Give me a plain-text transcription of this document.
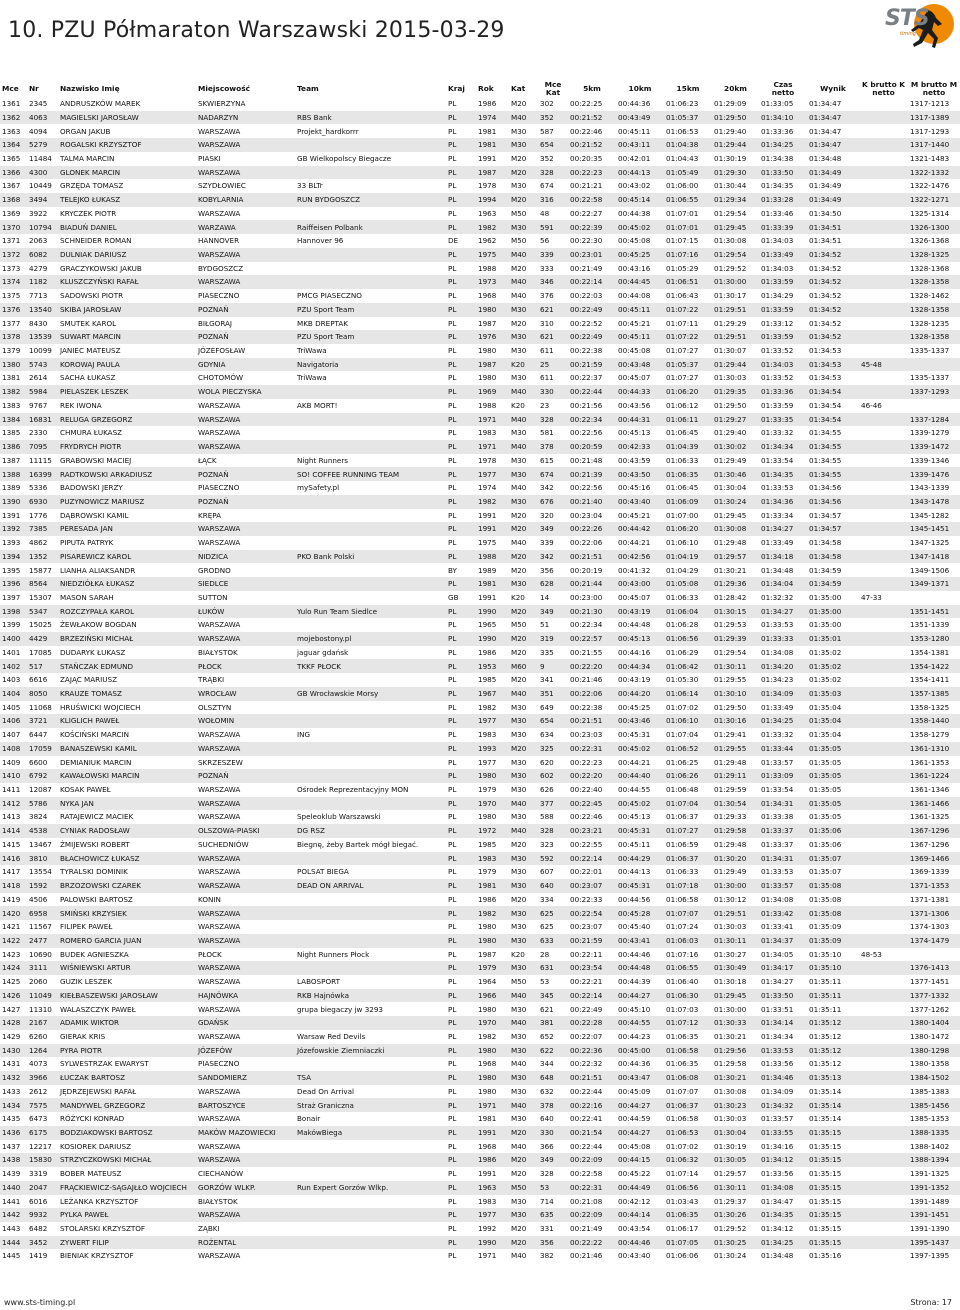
10. PZU Półmaraton Warszawski 2015-03-29	STS
timing
Mce	Nr	Nazwisko Imię	Miejscowość	Team	Kraj	Rok	Kat	Mce Kat	5km	10km	15km	20km	Czas netto	Wynik	K brutto K netto	M brutto M netto
1361	2345	ANDRUSZKÓW MAREK	SKWIERZYNA		PL	1986	M20	302	00:22:25	00:44:36	01:06:23	01:29:09	01:33:05	01:34:47		1317-1213
1362	4063	MAGIELSKI JAROSŁAW	NADARZYN	RBS Bank	PL	1974	M40	352	00:21:52	00:43:49	01:05:37	01:29:50	01:34:10	01:34:47		1317-1389
1363	4094	ORGAN JAKUB	WARSZAWA	Projekt_hardkorrr	PL	1981	M30	587	00:22:46	00:45:11	01:06:53	01:29:40	01:33:36	01:34:47		1317-1293
1364	5279	ROGALSKI KRZYSZTOF	WARSZAWA		PL	1981	M30	654	00:21:52	00:43:11	01:04:38	01:29:44	01:34:25	01:34:47		1317-1440
1365	11484	TALMA MARCIN	PIASKI	GB Wielkopolscy Biegacze	PL	1991	M20	352	00:20:35	00:42:01	01:04:43	01:30:19	01:34:38	01:34:48		1321-1483
1366	4300	GLONEK MARCIN	WARSZAWA		PL	1987	M20	328	00:22:23	00:44:13	01:05:49	01:29:30	01:33:50	01:34:49		1322-1332
1367	10449	GRZĘDA TOMASZ	SZYDŁOWIEC	33 BLTr	PL	1978	M30	674	00:21:21	00:43:02	01:06:00	01:30:44	01:34:35	01:34:49		1322-1476
1368	3494	TELEJKO ŁUKASZ	KOBYLARNIA	RUN BYDGOSZCZ	PL	1994	M20	316	00:22:58	00:45:14	01:06:55	01:29:34	01:33:28	01:34:49		1322-1271
1369	3922	KRYCZEK PIOTR	WARSZAWA		PL	1963	M50	48	00:22:27	00:44:38	01:07:01	01:29:54	01:33:46	01:34:50		1325-1314
1370	10794	BIADUŃ DANIEL	WARZAWA	Raiffeisen Polbank	PL	1982	M30	591	00:22:39	00:45:02	01:07:01	01:29:45	01:33:39	01:34:51		1326-1300
1371	2063	SCHNEIDER ROMAN	HANNOVER	Hannover 96	DE	1962	M50	56	00:22:30	00:45:08	01:07:15	01:30:08	01:34:03	01:34:51		1326-1368
1372	6082	DULNIAK DARIUSZ	WARSZAWA		PL	1975	M40	339	00:23:01	00:45:25	01:07:16	01:29:54	01:33:49	01:34:52		1328-1325
1373	4279	GRACZYKOWSKI JAKUB	BYDGOSZCZ		PL	1988	M20	333	00:21:49	00:43:16	01:05:29	01:29:52	01:34:03	01:34:52		1328-1368
1374	1182	KLUSZCZYŃSKI RAFAŁ	WARSZAWA		PL	1973	M40	346	00:22:14	00:44:45	01:06:51	01:30:00	01:33:59	01:34:52		1328-1358
1375	7713	SADOWSKI PIOTR	PIASECZNO	PMCG PIASECZNO	PL	1968	M40	376	00:22:03	00:44:08	01:06:43	01:30:17	01:34:29	01:34:52		1328-1462
1376	13540	SKIBA JAROSŁAW	POZNAŃ	PZU Sport Team	PL	1980	M30	621	00:22:49	00:45:11	01:07:22	01:29:51	01:33:59	01:34:52		1328-1358
1377	8430	SMUTEK KAROL	BIŁGORAJ	MKB DREPTAK	PL	1987	M20	310	00:22:52	00:45:21	01:07:11	01:29:29	01:33:12	01:34:52		1328-1235
1378	13539	SUWART MARCIN	POZNAŃ	PZU Sport Team	PL	1976	M30	621	00:22:49	00:45:11	01:07:22	01:29:51	01:33:59	01:34:52		1328-1358
1379	10099	JANIEC MATEUSZ	JÓZEFOSŁAW	TriWawa	PL	1980	M30	611	00:22:38	00:45:08	01:07:27	01:30:07	01:33:52	01:34:53		1335-1337
1380	5743	KOROWAJ PAULA	GDYNIA	Navigatoria	PL	1987	K20	25	00:21:59	00:43:48	01:05:37	01:29:44	01:34:03	01:34:53	45-48	
1381	2614	SACHA ŁUKASZ	CHOTOMÓW	TriWawa	PL	1980	M30	611	00:22:37	00:45:07	01:07:27	01:30:03	01:33:52	01:34:53		1335-1337
1382	5984	PIELASZEK LESZEK	WOLA PIECZYSKA		PL	1969	M40	330	00:22:44	00:44:33	01:06:20	01:29:35	01:33:36	01:34:54		1337-1293
1383	9767	REK IWONA	WARSZAWA	AKB MORT!	PL	1988	K20	23	00:21:56	00:43:56	01:06:12	01:29:50	01:33:59	01:34:54	46-46	
1384	16831	RELUGA GRZEGORZ	WARSZAWA		PL	1971	M40	328	00:22:34	00:44:31	01:06:11	01:29:27	01:33:35	01:34:54		1337-1284
1385	2330	CHMURA ŁUKASZ	WARSZAWA		PL	1983	M30	581	00:22:56	00:45:13	01:06:45	01:29:40	01:33:32	01:34:55		1339-1279
1386	7095	FRYDRYCH PIOTR	WARSZAWA		PL	1971	M40	378	00:20:59	00:42:33	01:04:39	01:30:02	01:34:34	01:34:55		1339-1472
1387	11115	GRABOWSKI MACIEJ	ŁĄCK	Night Runners	PL	1978	M30	615	00:21:48	00:43:59	01:06:33	01:29:49	01:33:54	01:34:55		1339-1346
1388	16399	RADTKOWSKI ARKADIUSZ	POZNAŃ	SO! COFFEE RUNNING TEAM	PL	1977	M30	674	00:21:39	00:43:50	01:06:35	01:30:46	01:34:35	01:34:55		1339-1476
1389	5336	BADOWSKI JERZY	PIASECZNO	mySafety.pl	PL	1974	M40	342	00:22:56	00:45:16	01:06:45	01:30:04	01:33:53	01:34:56		1343-1339
1390	6930	PUZYNOWICZ MARIUSZ	POZNAŃ		PL	1982	M30	676	00:21:40	00:43:40	01:06:09	01:30:24	01:34:36	01:34:56		1343-1478
1391	1776	DĄBROWSKI KAMIL	KRĘPA		PL	1991	M20	320	00:23:04	00:45:21	01:07:00	01:29:45	01:33:34	01:34:57		1345-1282
1392	7385	PERESADA JAN	WARSZAWA		PL	1991	M20	349	00:22:26	00:44:42	01:06:20	01:30:08	01:34:27	01:34:57		1345-1451
1393	4862	PIPUTA PATRYK	WARSZAWA		PL	1975	M40	339	00:22:06	00:44:21	01:06:10	01:29:48	01:33:49	01:34:58		1347-1325
1394	1352	PISAREWICZ KAROL	NIDZICA	PKO Bank Polski	PL	1988	M20	342	00:21:51	00:42:56	01:04:19	01:29:57	01:34:18	01:34:58		1347-1418
1395	15877	LIANHA ALIAKSANDR	GRODNO		BY	1989	M20	356	00:20:19	00:41:32	01:04:29	01:30:21	01:34:48	01:34:59		1349-1506
1396	8564	NIEDZIÓŁKA ŁUKASZ	SIEDLCE		PL	1981	M30	628	00:21:44	00:43:00	01:05:08	01:29:36	01:34:04	01:34:59		1349-1371
1397	15307	MASON SARAH	SUTTON		GB	1991	K20	14	00:23:00	00:45:07	01:06:33	01:28:42	01:32:32	01:35:00	47-33	
1398	5347	ROZCZYPAŁA KAROL	ŁUKÓW	Yulo Run Team Siedlce	PL	1990	M20	349	00:21:30	00:43:19	01:06:04	01:30:15	01:34:27	01:35:00		1351-1451
1399	15025	ŻEWŁAKOW BOGDAN	WARSZAWA		PL	1965	M50	51	00:22:34	00:44:48	01:06:28	01:29:53	01:33:53	01:35:00		1351-1339
1400	4429	BRZEZIŃSKI MICHAŁ	WARSZAWA	mojebostony.pl	PL	1990	M20	319	00:22:57	00:45:13	01:06:56	01:29:39	01:33:33	01:35:01		1353-1280
1401	17085	DUDARYK ŁUKASZ	BIAŁYSTOK	jaguar gdańsk	PL	1986	M20	335	00:21:55	00:44:16	01:06:29	01:29:54	01:34:08	01:35:02		1354-1381
1402	517	STAŃCZAK EDMUND	PŁOCK	TKKF PŁOCK	PL	1953	M60	9	00:22:20	00:44:34	01:06:42	01:30:11	01:34:20	01:35:02		1354-1422
1403	6616	ZAJĄC MARIUSZ	TRĄBKI		PL	1985	M20	341	00:21:46	00:43:19	01:05:30	01:29:55	01:34:23	01:35:02		1354-1411
1404	8050	KRAUZE TOMASZ	WROCŁAW	GB Wrocławskie Morsy	PL	1967	M40	351	00:22:06	00:44:20	01:06:14	01:30:10	01:34:09	01:35:03		1357-1385
1405	11068	HRUŚWICKI WOJCIECH	OLSZTYN		PL	1982	M30	649	00:22:38	00:45:25	01:07:02	01:29:50	01:33:49	01:35:04		1358-1325
1406	3721	KLIGLICH PAWEŁ	WOŁOMIN		PL	1977	M30	654	00:21:51	00:43:46	01:06:10	01:30:16	01:34:25	01:35:04		1358-1440
1407	6447	KOŚCIŃSKI MARCIN	WARSZAWA	ING	PL	1983	M30	634	00:23:03	00:45:31	01:07:04	01:29:41	01:33:32	01:35:04		1358-1279
1408	17059	BANASZEWSKI KAMIL	WARSZAWA		PL	1993	M20	325	00:22:31	00:45:02	01:06:52	01:29:55	01:33:44	01:35:05		1361-1310
1409	6600	DEMIANIUK MARCIN	SKRZESZEW		PL	1977	M30	620	00:22:23	00:44:21	01:06:25	01:29:48	01:33:57	01:35:05		1361-1353
1410	6792	KAWAŁOWSKI MARCIN	POZNAŃ		PL	1980	M30	602	00:22:20	00:44:40	01:06:26	01:29:11	01:33:09	01:35:05		1361-1224
1411	12087	KOSAK PAWEŁ	WARSZAWA	Ośrodek Reprezentacyjny MON	PL	1979	M30	626	00:22:40	00:44:55	01:06:48	01:29:59	01:33:54	01:35:05		1361-1346
1412	5786	NYKA JAN	WARSZAWA		PL	1970	M40	377	00:22:45	00:45:02	01:07:04	01:30:54	01:34:31	01:35:05		1361-1466
1413	3824	RATAJEWICZ MACIEK	WARSZAWA	Speleoklub Warszawski	PL	1980	M30	588	00:22:46	00:45:13	01:06:37	01:29:33	01:33:38	01:35:05		1361-1325
1414	4538	CYNIAK RADOSŁAW	OLSZOWA-PIASKI	DG RSZ	PL	1972	M40	328	00:23:21	00:45:31	01:07:27	01:29:58	01:33:37	01:35:06		1367-1296
1415	13467	ŻMIJEWSKI ROBERT	SUCHEDNIÓW	Biegnę, żeby Bartek mógł biegać.	PL	1985	M20	323	00:22:55	00:45:11	01:06:59	01:29:48	01:33:37	01:35:06		1367-1296
1416	3810	BŁACHOWICZ ŁUKASZ	WARSZAWA		PL	1983	M30	592	00:22:14	00:44:29	01:06:37	01:30:20	01:34:31	01:35:07		1369-1466
1417	13554	TYRALSKI DOMINIK	WARSZAWA	POLSAT BIEGA	PL	1979	M30	607	00:22:01	00:44:13	01:06:33	01:29:49	01:33:53	01:35:07		1369-1339
1418	1592	BRZOZOWSKI CZAREK	WARSZAWA	DEAD ON ARRIVAL	PL	1981	M30	640	00:23:07	00:45:31	01:07:18	01:30:00	01:33:57	01:35:08		1371-1353
1419	4506	PALOWSKI BARTOSZ	KONIN		PL	1986	M20	334	00:22:33	00:44:56	01:06:58	01:30:12	01:34:08	01:35:08		1371-1381
1420	6958	SMIŃSKI KRZYSIEK	WARSZAWA		PL	1982	M30	625	00:22:54	00:45:28	01:07:07	01:29:51	01:33:42	01:35:08		1371-1306
1421	11567	FILIPEK PAWEŁ	WARSZAWA		PL	1980	M30	625	00:23:07	00:45:40	01:07:24	01:30:03	01:33:41	01:35:09		1374-1303
1422	2477	ROMERO GARCIA JUAN	WARSZAWA		PL	1980	M30	633	00:21:59	00:43:41	01:06:03	01:30:11	01:34:37	01:35:09		1374-1479
1423	10690	BUDEK AGNIESZKA	PŁOCK	Night Runners Płock	PL	1987	K20	28	00:22:11	00:44:46	01:07:16	01:30:27	01:34:05	01:35:10	48-53	
1424	3111	WIŚNIEWSKI ARTUR	WARSZAWA		PL	1979	M30	631	00:23:54	00:44:48	01:06:55	01:30:49	01:34:17	01:35:10		1376-1413
1425	2060	GUZIK LESZEK	WARSZAWA	LABOSPORT	PL	1964	M50	53	00:22:21	00:44:39	01:06:40	01:30:18	01:34:27	01:35:11		1377-1451
1426	11049	KIEŁBASZEWSKI JAROSŁAW	HAJNÓWKA	RKB Hajnówka	PL	1966	M40	345	00:22:14	00:44:27	01:06:30	01:29:45	01:33:50	01:35:11		1377-1332
1427	11310	WALASZCZYK PAWEŁ	WARSZAWA	grupa biegaczy jw 3293	PL	1980	M30	621	00:22:49	00:45:10	01:07:03	01:30:00	01:33:51	01:35:11		1377-1262
1428	2167	ADAMIK WIKTOR	GDAŃSK		PL	1970	M40	381	00:22:28	00:44:55	01:07:12	01:30:33	01:34:14	01:35:12		1380-1404
1429	6260	GIERAK KRIS	WARSZAWA	Warsaw Red Devils	PL	1982	M30	652	00:22:07	00:44:23	01:06:35	01:30:21	01:34:34	01:35:12		1380-1472
1430	1264	PYRA PIOTR	JÓZEFÓW	Józefowskie Ziemniaczki	PL	1980	M30	622	00:22:36	00:45:00	01:06:58	01:29:56	01:33:53	01:35:12		1380-1298
1431	4073	SYLWESTRZAK EWARYST	PIASECZNO		PL	1968	M40	344	00:22:32	00:44:36	01:06:35	01:29:58	01:33:56	01:35:12		1380-1358
1432	3966	ŁUCZAK BARTOSZ	SANDOMIERZ	TSA	PL	1980	M30	648	00:21:51	00:43:47	01:06:08	01:30:21	01:34:46	01:35:13		1384-1502
1433	2612	JĘDRZEJEWSKI RAFAŁ	WARSZAWA	Dead On Arrival	PL	1980	M30	632	00:22:44	00:45:09	01:07:07	01:30:08	01:34:09	01:35:14		1385-1383
1434	7575	MANDYWEL GRZEGORZ	BARTOSZYCE	Straż Graniczna	PL	1971	M40	378	00:22:16	00:44:27	01:06:37	01:30:23	01:34:32	01:35:14		1385-1456
1435	6473	RÓŻYCKI KONRAD	WARSZAWA	Bonair	PL	1981	M30	640	00:22:41	00:44:59	01:06:58	01:30:03	01:33:57	01:35:14		1385-1353
1436	6175	BODZIAKOWSKI BARTOSZ	MAKÓW MAZOWIECKI	MakówBiega	PL	1991	M20	330	00:21:54	00:44:27	01:06:53	01:30:04	01:33:55	01:35:15		1388-1335
1437	12217	KOSIOREK DARIUSZ	WARSZAWA		PL	1968	M40	366	00:22:44	00:45:08	01:07:02	01:30:19	01:34:16	01:35:15		1388-1402
1438	15830	STRZYCZKOWSKI MICHAŁ	WARSZAWA		PL	1986	M20	349	00:22:09	00:44:15	01:06:32	01:30:05	01:34:12	01:35:15		1388-1394
1439	3319	BOBER MATEUSZ	CIECHANÓW		PL	1991	M20	328	00:22:58	00:45:22	01:07:14	01:29:57	01:33:56	01:35:15		1391-1325
1440	2047	FRĄCKIEWICZ-SĄGAJŁŁO WOJCIECH	GORZÓW WLKP.	Run Expert Gorzów Wlkp.	PL	1963	M50	53	00:22:31	00:44:49	01:06:56	01:30:11	01:34:08	01:35:15		1391-1352
1441	6016	LEŻANKA KRZYSZTOF	BIAŁYSTOK		PL	1983	M30	714	00:21:08	00:42:12	01:03:43	01:29:37	01:34:47	01:35:15		1391-1489
1442	9932	PYLKA PAWEŁ	WARSZAWA		PL	1977	M30	635	00:22:09	00:44:14	01:06:35	01:30:26	01:34:35	01:35:15		1391-1451
1443	6482	STOLARSKI KRZYSZTOF	ZĄBKI		PL	1992	M20	331	00:21:49	00:43:54	01:06:17	01:29:52	01:34:12	01:35:15		1391-1390
1444	3452	ZYWERT FILIP	ROŻENTAL		PL	1990	M20	356	00:22:22	00:44:46	01:07:05	01:30:25	01:34:25	01:35:15		1395-1437
1445	1419	BIENIAK KRZYSZTOF	WARSZAWA		PL	1971	M40	382	00:21:46	00:43:40	01:06:06	01:30:24	01:34:48	01:35:16		1397-1395
www.sts-timing.pl	Strona: 17
